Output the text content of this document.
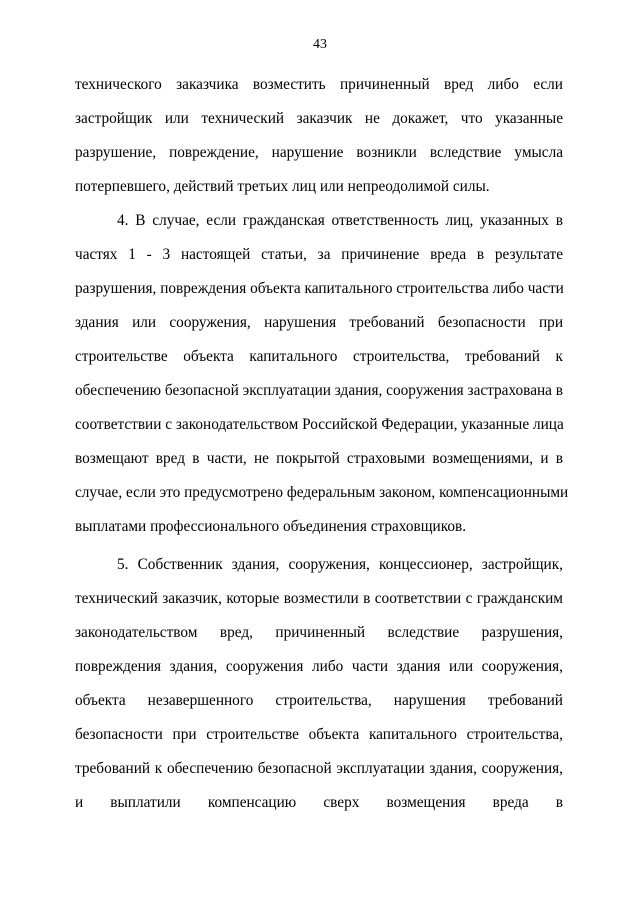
43
технического заказчика возместить причиненный вред либо если
застройщик или технический заказчик не докажет, что указанные
разрушение, повреждение, нарушение возникли вследствие умысла
потерпевшего, действий третьих лиц или непреодолимой силы.
4. В случае, если гражданская ответственность лиц, указанных в
частях 1 - 3 настоящей статьи, за причинение вреда в результате
разрушения, повреждения объекта капитального строительства либо части
здания или сооружения, нарушения требований безопасности при
строительстве объекта капитального строительства, требований к
обеспечению безопасной эксплуатации здания, сооружения застрахована в
соответствии с законодательством Российской Федерации, указанные лица
возмещают вред в части, не покрытой страховыми возмещениями, и в
случае, если это предусмотрено федеральным законом, компенсационными
выплатами профессионального объединения страховщиков.
5. Собственник здания, сооружения, концессионер, застройщик,
технический заказчик, которые возместили в соответствии с гражданским
законодательством вред, причиненный вследствие разрушения,
повреждения здания, сооружения либо части здания или сооружения,
объекта незавершенного строительства, нарушения требований
безопасности при строительстве объекта капитального строительства,
требований к обеспечению безопасной эксплуатации здания, сооружения,
и выплатили компенсацию сверх возмещения вреда в
